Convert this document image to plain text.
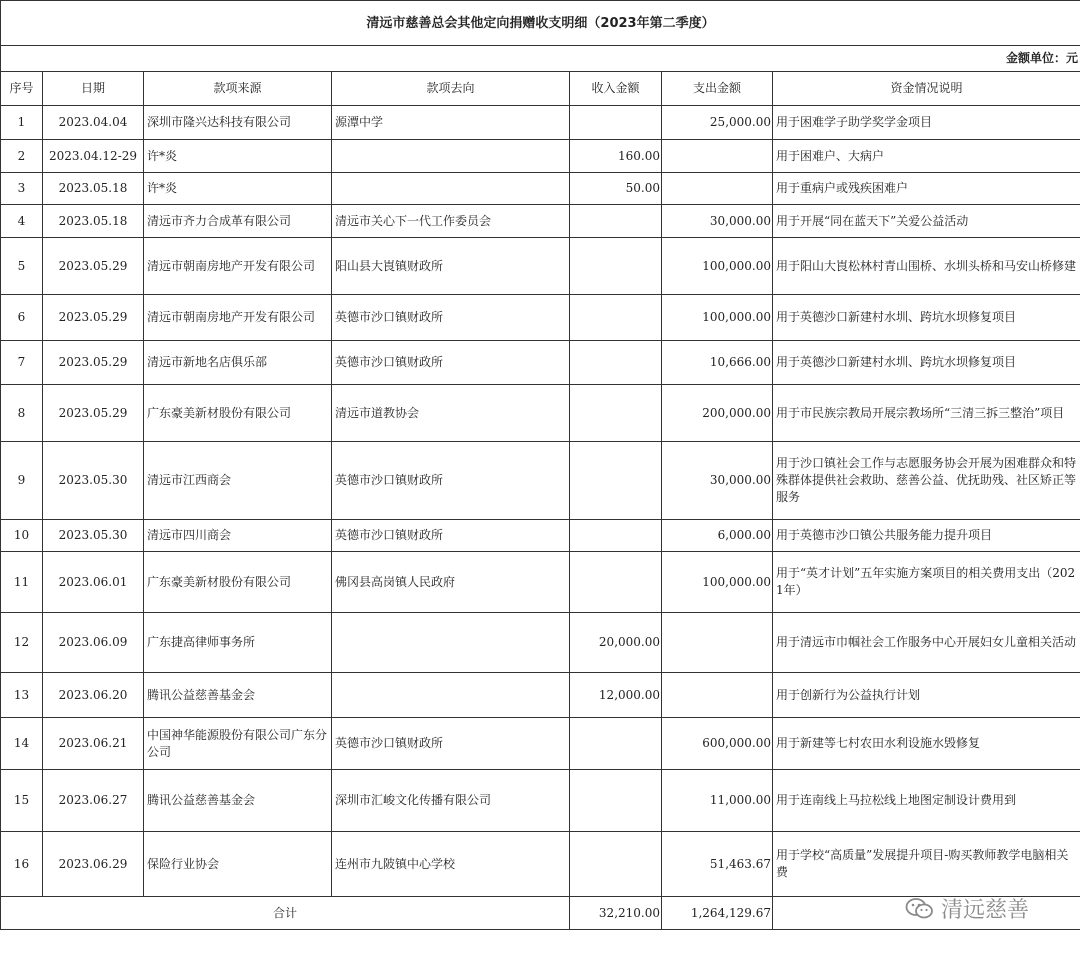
清远市慈善总会其他定向捐赠收支明细（2023年第二季度）						
金额单位：元						
序号	日期	款项来源	款项去向	收入金额	支出金额	资金情况说明
1	2023.04.04	深圳市隆兴达科技有限公司	源潭中学		25,000.00	用于困难学子助学奖学金项目
2	2023.04.12-29	许*炎		160.00		用于困难户、大病户
3	2023.05.18	许*炎		50.00		用于重病户或残疾困难户
4	2023.05.18	清远市齐力合成革有限公司	清远市关心下一代工作委员会		30,000.00	用于开展“同在蓝天下”关爱公益活动
5	2023.05.29	清远市朝南房地产开发有限公司	阳山县大崀镇财政所		100,000.00	用于阳山大崀松林村青山围桥、水圳头桥和马安山桥修建
6	2023.05.29	清远市朝南房地产开发有限公司	英德市沙口镇财政所		100,000.00	用于英德沙口新建村水圳、跨坑水坝修复项目
7	2023.05.29	清远市新地名店俱乐部	英德市沙口镇财政所		10,666.00	用于英德沙口新建村水圳、跨坑水坝修复项目
8	2023.05.29	广东豪美新材股份有限公司	清远市道教协会		200,000.00	用于市民族宗教局开展宗教场所“三清三拆三整治”项目
9	2023.05.30	清远市江西商会	英德市沙口镇财政所		30,000.00	用于沙口镇社会工作与志愿服务协会开展为困难群众和特殊群体提供社会救助、慈善公益、优抚助残、社区矫正等服务
10	2023.05.30	清远市四川商会	英德市沙口镇财政所		6,000.00	用于英德市沙口镇公共服务能力提升项目
11	2023.06.01	广东豪美新材股份有限公司	佛冈县高岗镇人民政府		100,000.00	用于“英才计划”五年实施方案项目的相关费用支出（2021年）
12	2023.06.09	广东捷高律师事务所		20,000.00		用于清远市巾帼社会工作服务中心开展妇女儿童相关活动
13	2023.06.20	腾讯公益慈善基金会		12,000.00		用于创新行为公益执行计划
14	2023.06.21	中国神华能源股份有限公司广东分公司	英德市沙口镇财政所		600,000.00	用于新建等七村农田水利设施水毁修复
15	2023.06.27	腾讯公益慈善基金会	深圳市汇峻文化传播有限公司		11,000.00	用于连南线上马拉松线上地图定制设计费用到
16	2023.06.29	保险行业协会	连州市九陂镇中心学校		51,463.67	用于学校“高质量”发展提升项目-购买教师教学电脑相关费
合计				32,210.00	1,264,129.67		清远慈善
